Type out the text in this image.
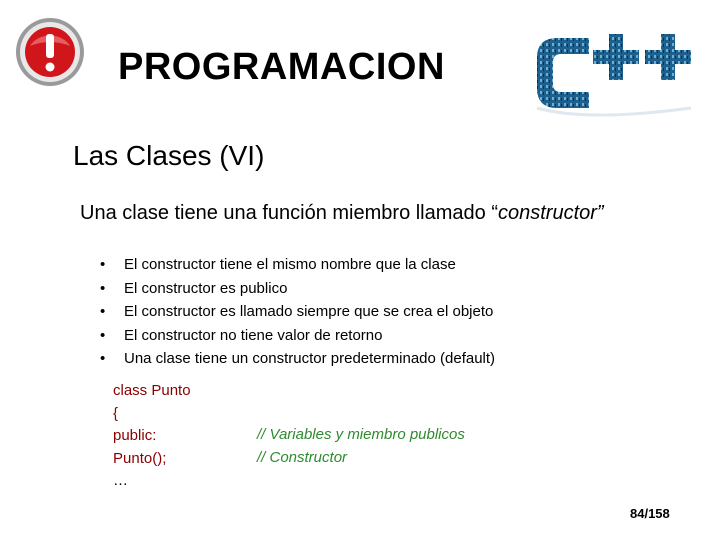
PROGRAMACION
Las Clases (VI)
Una clase tiene una función miembro llamado “constructor”
• El constructor tiene el mismo nombre que la clase
• El constructor es publico
• El constructor es llamado siempre que se crea el objeto
• El constructor no tiene valor de retorno
• Una clase tiene un constructor predeterminado (default)
class Punto
{
public:
Punto();
…
// Variables y miembro publicos
// Constructor
84/158
